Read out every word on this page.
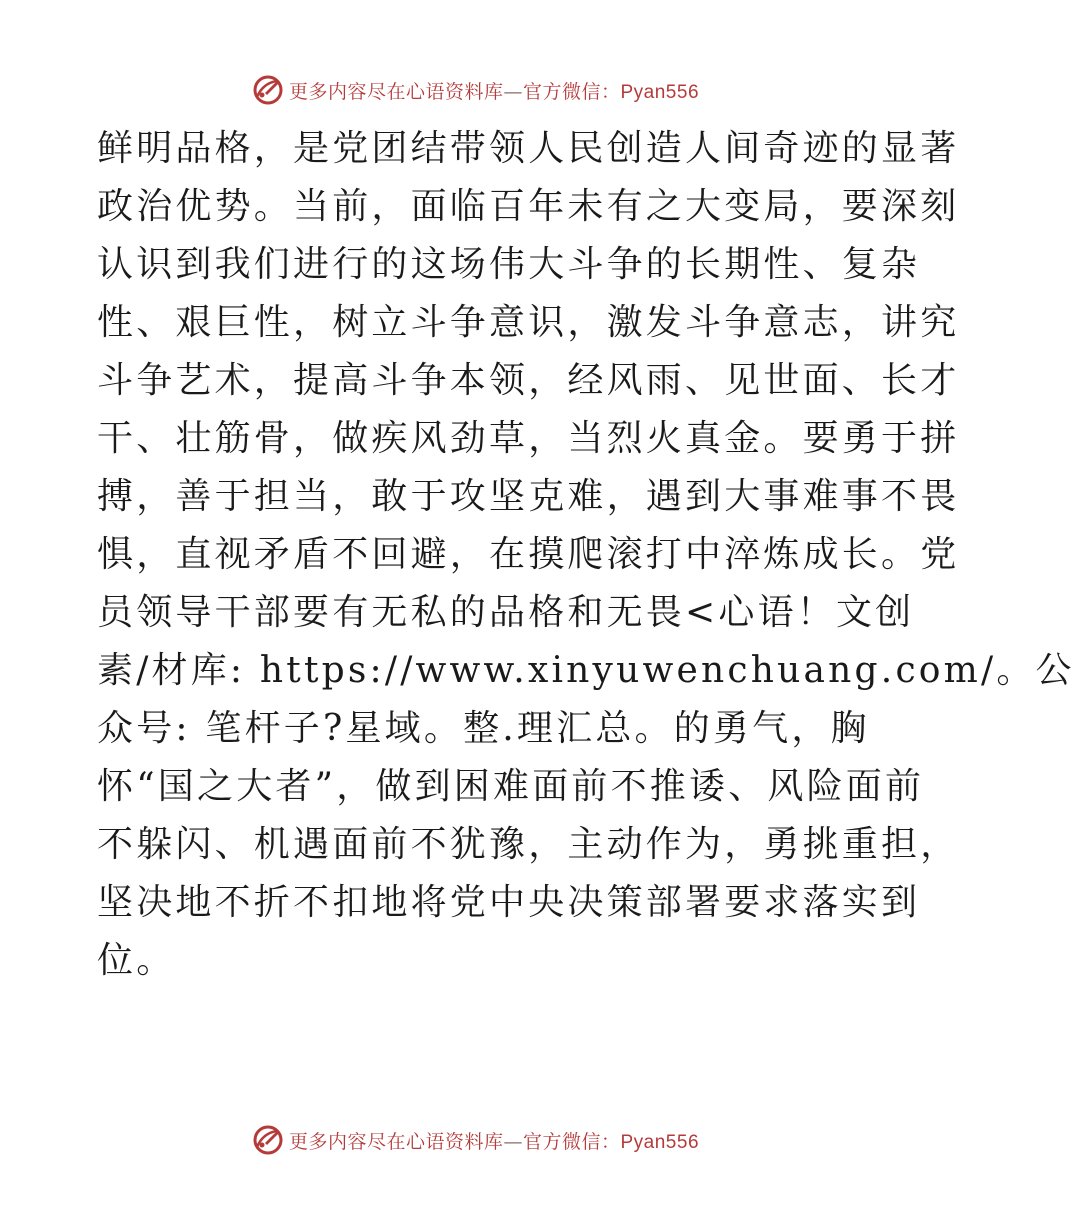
更多内容尽在心语资料库—官方微信：Pyan556
鲜明品格，是党团结带领人民创造人间奇迹的显著
政治优势。当前，面临百年未有之大变局，要深刻
认识到我们进行的这场伟大斗争的长期性、复杂
性、艰巨性，树立斗争意识，激发斗争意志，讲究
斗争艺术，提高斗争本领，经风雨、见世面、长才
干、壮筋骨，做疾风劲草，当烈火真金。要勇于拼
搏，善于担当，敢于攻坚克难，遇到大事难事不畏
惧，直视矛盾不回避，在摸爬滚打中淬炼成长。党
员领导干部要有无私的品格和无畏<心语！文创
素/材库: https://www.xinyuwenchuang.com/。公
众号: 笔杆子?星域。整.理汇总。的勇气，胸
怀“国之大者”，做到困难面前不推诿、风险面前
不躲闪、机遇面前不犹豫，主动作为，勇挑重担，
坚决地不折不扣地将党中央决策部署要求落实到
位。
更多内容尽在心语资料库—官方微信：Pyan556
